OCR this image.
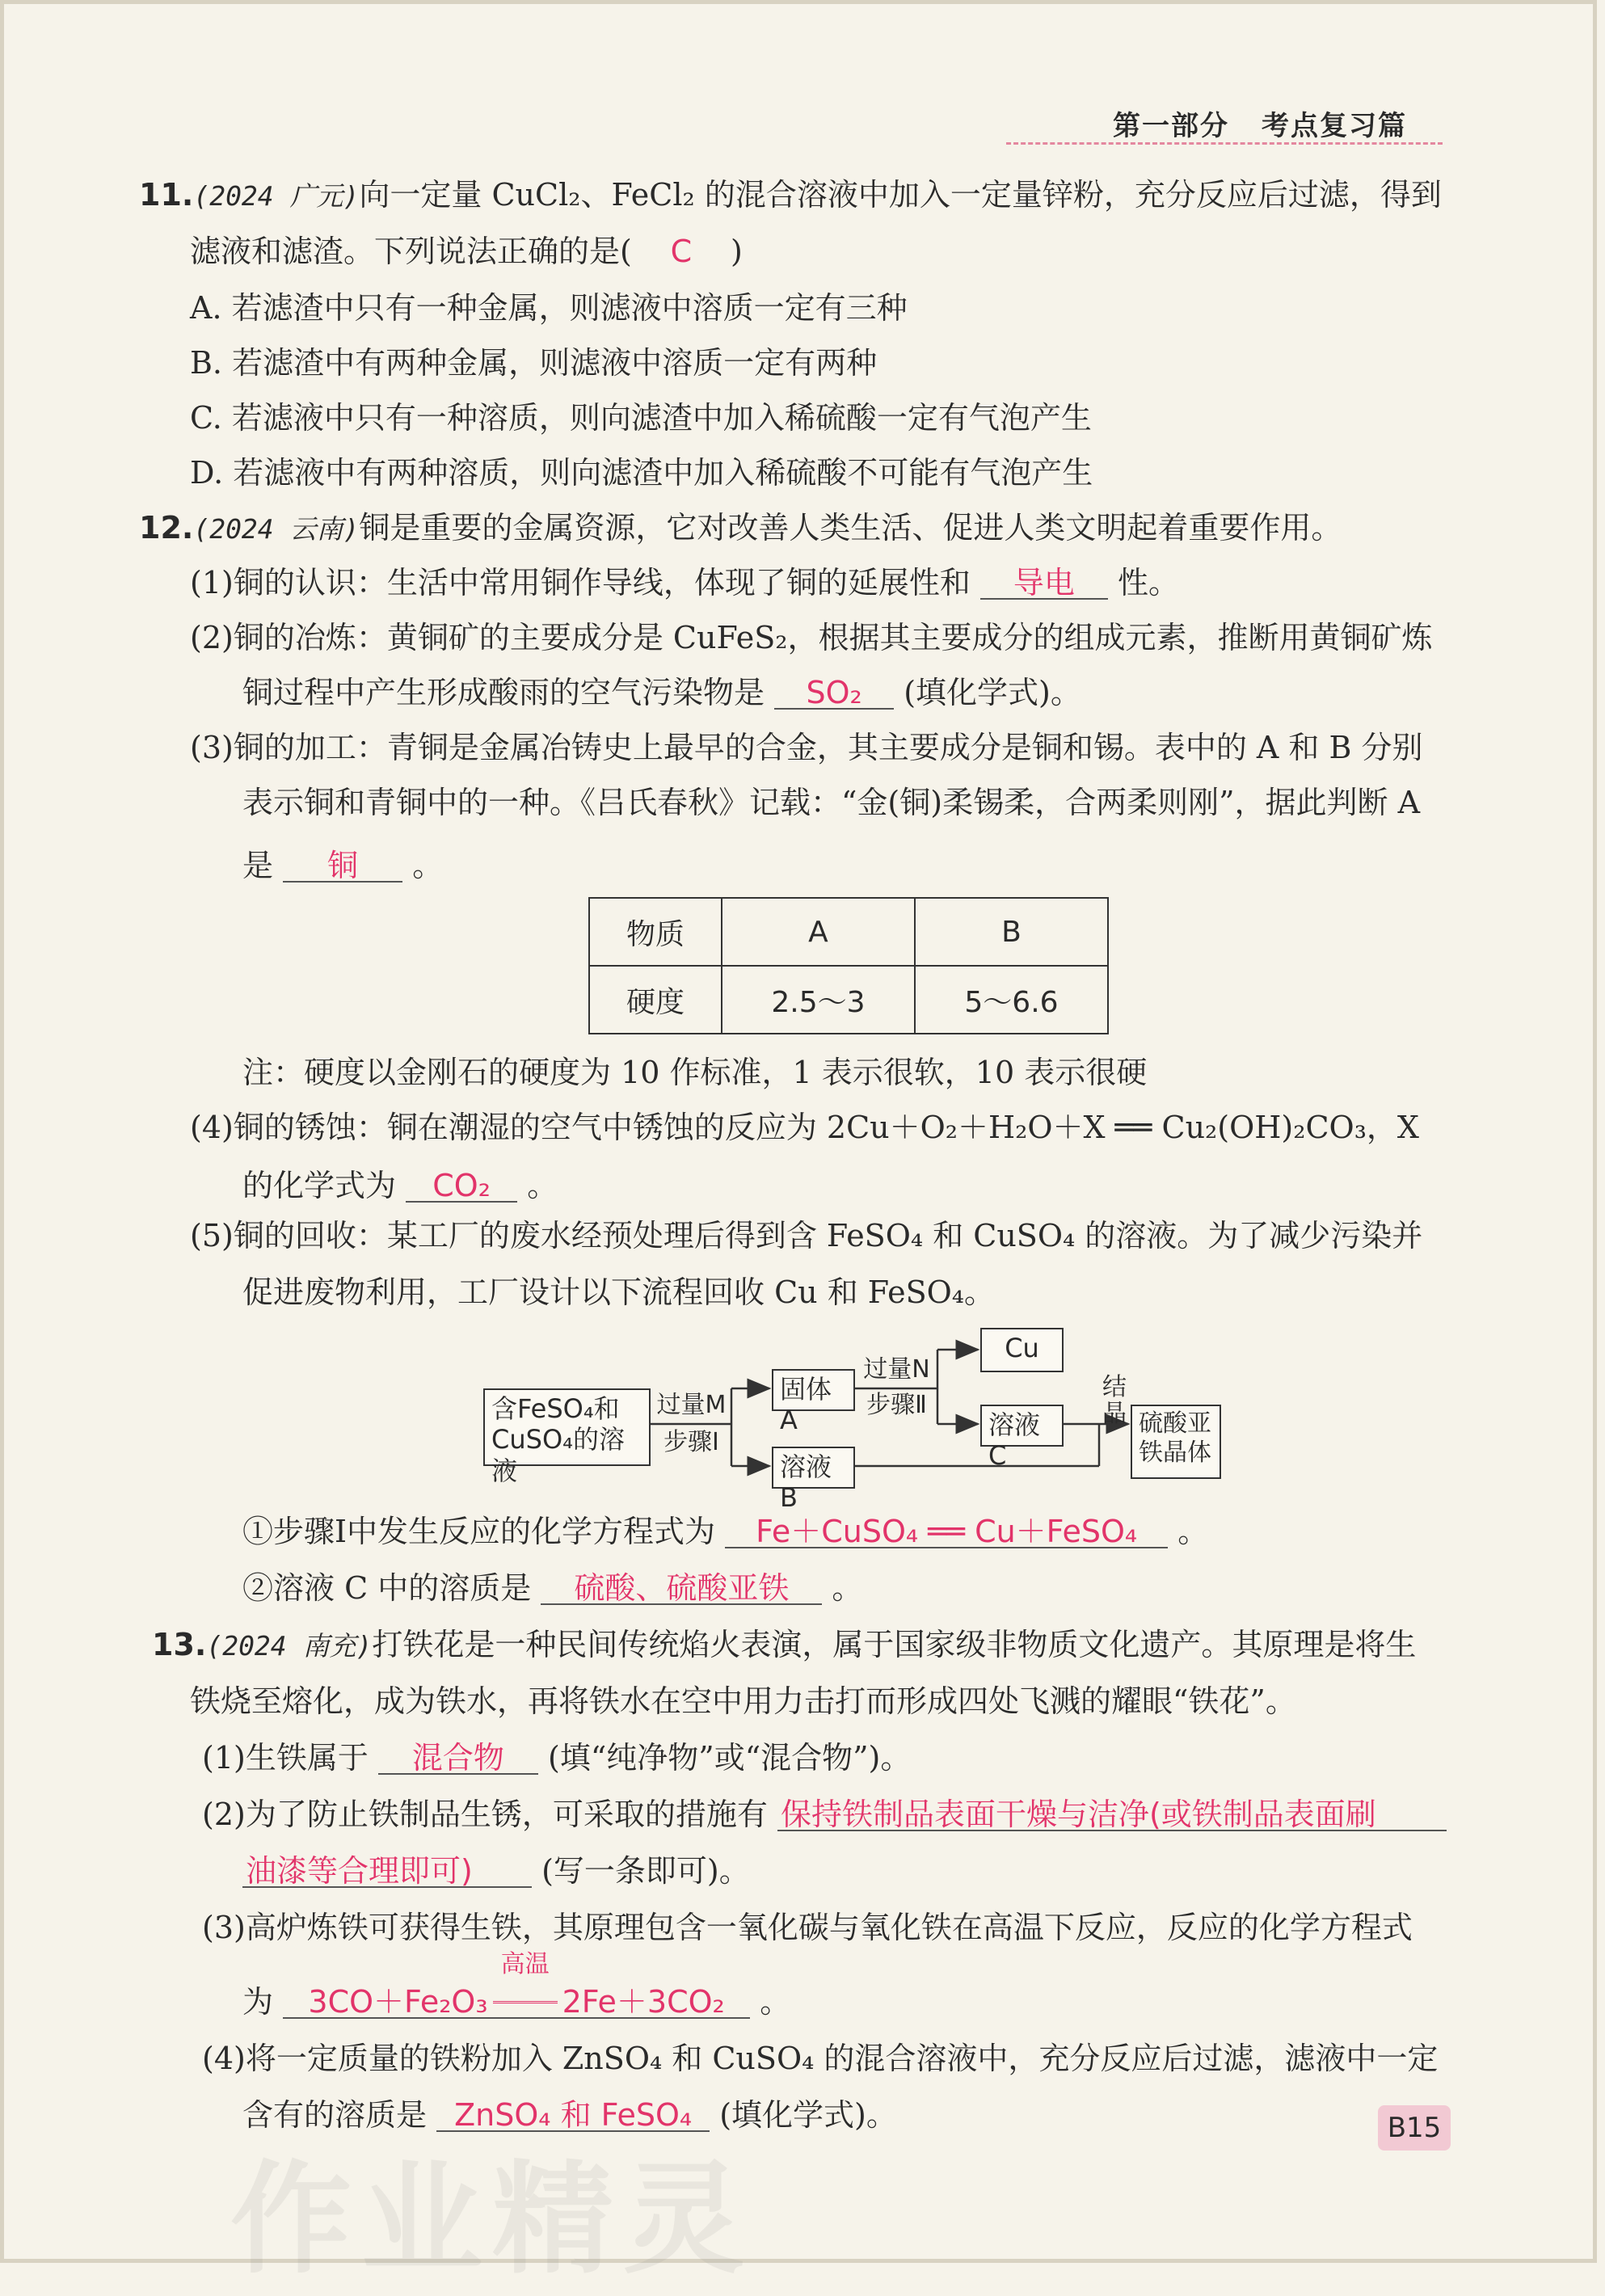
第一部分 考点复习篇
11.(2024 广元)向一定量 CuCl₂、FeCl₂ 的混合溶液中加入一定量锌粉，充分反应后过滤，得到
滤液和滤渣。下列说法正确的是( C )
A. 若滤渣中只有一种金属，则滤液中溶质一定有三种
B. 若滤渣中有两种金属，则滤液中溶质一定有两种
C. 若滤液中只有一种溶质，则向滤渣中加入稀硫酸一定有气泡产生
D. 若滤液中有两种溶质，则向滤渣中加入稀硫酸不可能有气泡产生
12.(2024 云南)铜是重要的金属资源，它对改善人类生活、促进人类文明起着重要作用。
(1)铜的认识：生活中常用铜作导线，体现了铜的延展性和 导电 性。
(2)铜的冶炼：黄铜矿的主要成分是 CuFeS₂，根据其主要成分的组成元素，推断用黄铜矿炼
铜过程中产生形成酸雨的空气污染物是 SO₂ (填化学式)。
(3)铜的加工：青铜是金属冶铸史上最早的合金，其主要成分是铜和锡。表中的 A 和 B 分别
表示铜和青铜中的一种。《吕氏春秋》记载：“金(铜)柔锡柔，合两柔则刚”，据此判断 A
是 铜 。
物质	A	B
硬度	2.5～3	5～6.6
注：硬度以金刚石的硬度为 10 作标准，1 表示很软，10 表示很硬
(4)铜的锈蚀：铜在潮湿的空气中锈蚀的反应为 2Cu＋O₂＋H₂O＋X ══ Cu₂(OH)₂CO₃，X
的化学式为 CO₂ 。
(5)铜的回收：某工厂的废水经预处理后得到含 FeSO₄ 和 CuSO₄ 的溶液。为了减少污染并
促进废物利用，工厂设计以下流程回收 Cu 和 FeSO₄。
含FeSO₄和CuSO₄的溶液
过量M
步骤Ⅰ
固体A
过量N
步骤Ⅱ
Cu
溶液C
溶液B
结晶 硫酸亚铁晶体
①步骤Ⅰ中发生反应的化学方程式为 Fe＋CuSO₄ ══ Cu＋FeSO₄ 。
②溶液 C 中的溶质是 硫酸、硫酸亚铁 。
13.(2024 南充)打铁花是一种民间传统焰火表演，属于国家级非物质文化遗产。其原理是将生
铁烧至熔化，成为铁水，再将铁水在空中用力击打而形成四处飞溅的耀眼“铁花”。
(1)生铁属于 混合物 (填“纯净物”或“混合物”)。
(2)为了防止铁制品生锈，可采取的措施有 保持铁制品表面干燥与洁净(或铁制品表面刷
油漆等合理即可) (写一条即可)。
(3)高炉炼铁可获得生铁，其原理包含一氧化碳与氧化铁在高温下反应，反应的化学方程式
为 3CO＋Fe₂O₃
高温
2Fe＋3CO₂ 。
(4)将一定质量的铁粉加入 ZnSO₄ 和 CuSO₄ 的混合溶液中，充分反应后过滤，滤液中一定
含有的溶质是 ZnSO₄ 和 FeSO₄ (填化学式)。	B15
作业精灵
